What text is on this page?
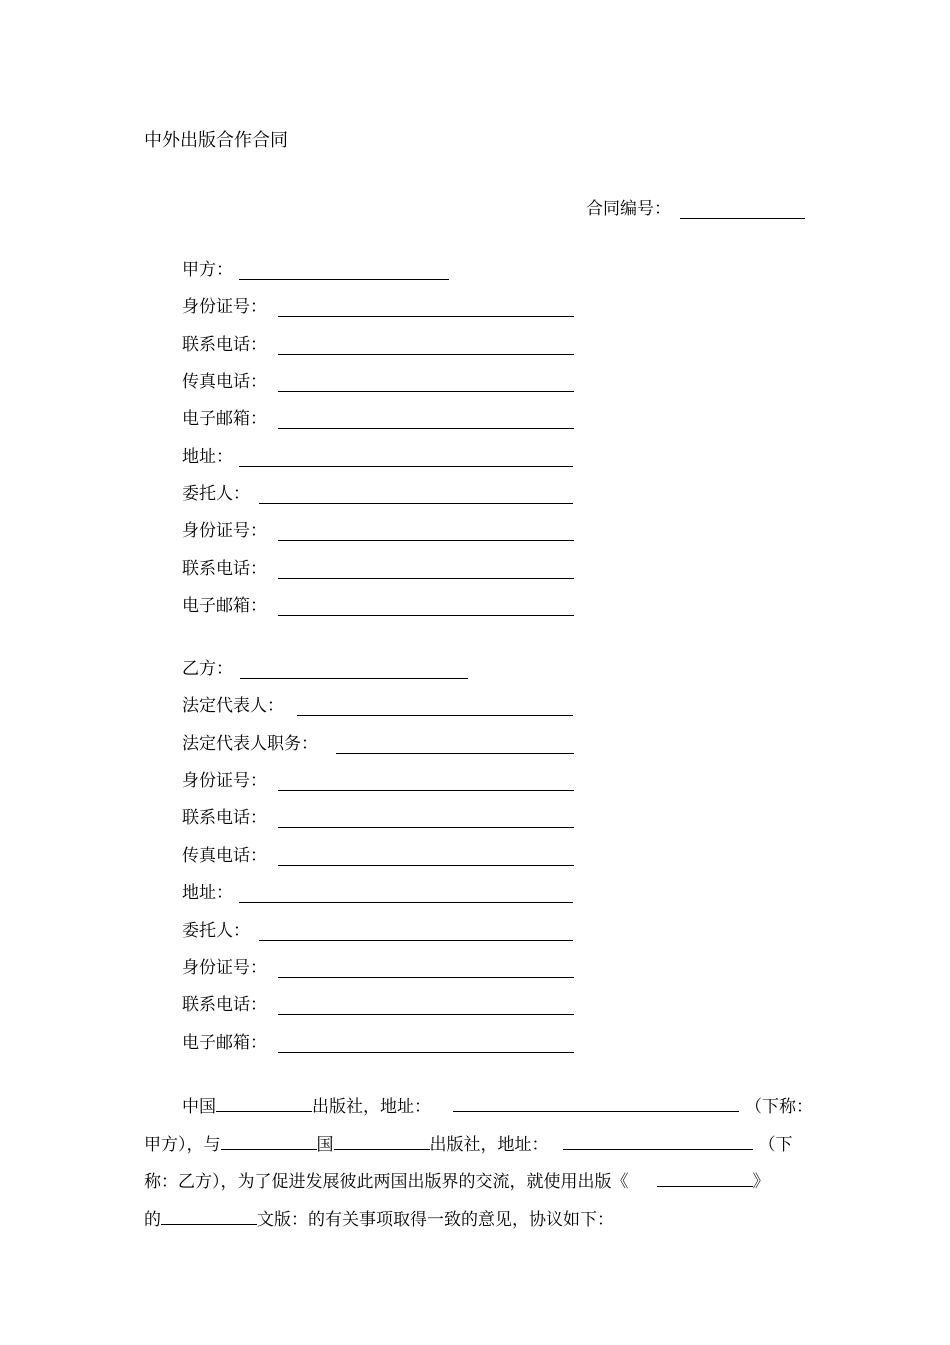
中外出版合作合同
合同编号：
甲方：
身份证号：
联系电话：
传真电话：
电子邮箱：
地址：
委托人：
身份证号：
联系电话：
电子邮箱：
乙方：
法定代表人：
法定代表人职务：
身份证号：
联系电话：
传真电话：
地址：
委托人：
身份证号：
联系电话：
电子邮箱：
中国	出版社，地址：	（下称：
甲方），与	国	出版社，地址：	（下
称：乙方），为了促进发展彼此两国出版界的交流，就使用出版《	》
的	文版：的有关事项取得一致的意见，协议如下：
